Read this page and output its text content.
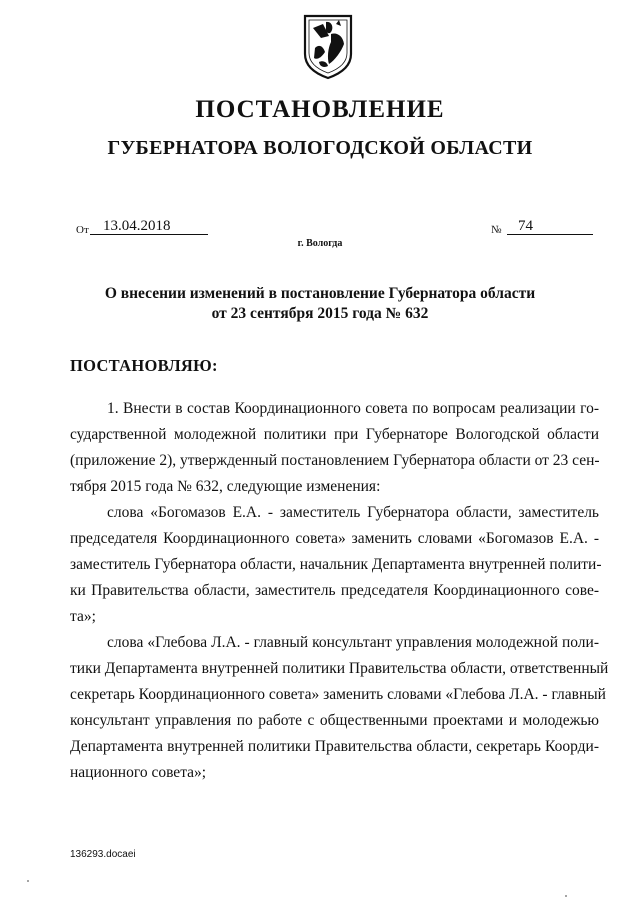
ПОСТАНОВЛЕНИЕ
ГУБЕРНАТОРА ВОЛОГОДСКОЙ ОБЛАСТИ
От 13.04.2018	№	74
г. Вологда
О внесении изменений в постановление Губернатора области
от 23 сентября 2015 года № 632
ПОСТАНОВЛЯЮ:
1. Внести в состав Координационного совета по вопросам реализации го-
сударственной молодежной политики при Губернаторе Вологодской области
(приложение 2), утвержденный постановлением Губернатора области от 23 сен-
тября 2015 года № 632, следующие изменения:
слова «Богомазов Е.А. - заместитель Губернатора области, заместитель
председателя Координационного совета» заменить словами «Богомазов Е.А. -
заместитель Губернатора области, начальник Департамента внутренней полити-
ки Правительства области, заместитель председателя Координационного сове-
та»;
слова «Глебова Л.А. - главный консультант управления молодежной поли-
тики Департамента внутренней политики Правительства области, ответственный
секретарь Координационного совета» заменить словами «Глебова Л.А. - главный
консультант управления по работе с общественными проектами и молодежью
Департамента внутренней политики Правительства области, секретарь Коорди-
национного совета»;
136293.docaei
